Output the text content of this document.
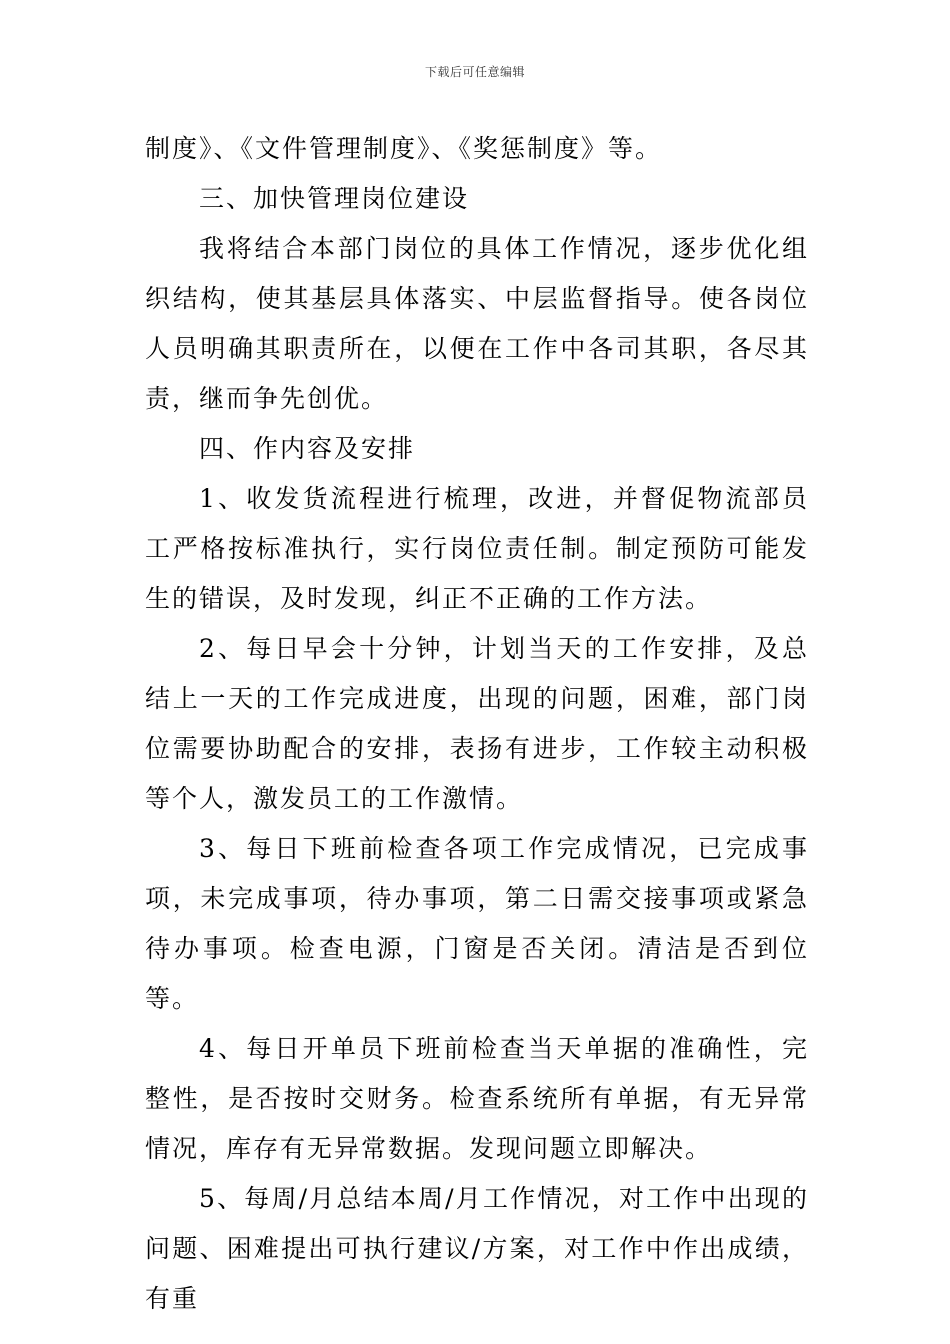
下载后可任意编辑

制度》、《文件管理制度》、《奖惩制度》等。

三、加快管理岗位建设

我将结合本部门岗位的具体工作情况，逐步优化组织结构，使其基层具体落实、中层监督指导。使各岗位人员明确其职责所在，以便在工作中各司其职，各尽其责，继而争先创优。

四、作内容及安排

1、收发货流程进行梳理，改进，并督促物流部员工严格按标准执行，实行岗位责任制。制定预防可能发生的错误，及时发现，纠正不正确的工作方法。

2、每日早会十分钟，计划当天的工作安排，及总结上一天的工作完成进度，出现的问题，困难，部门岗位需要协助配合的安排，表扬有进步，工作较主动积极等个人，激发员工的工作激情。

3、每日下班前检查各项工作完成情况，已完成事项，未完成事项，待办事项，第二日需交接事项或紧急待办事项。检查电源，门窗是否关闭。清洁是否到位等。

4、每日开单员下班前检查当天单据的准确性，完整性，是否按时交财务。检查系统所有单据，有无异常情况，库存有无异常数据。发现问题立即解决。

5、每周/月总结本周/月工作情况，对工作中出现的问题、困难提出可执行建议/方案，对工作中作出成绩，有重
